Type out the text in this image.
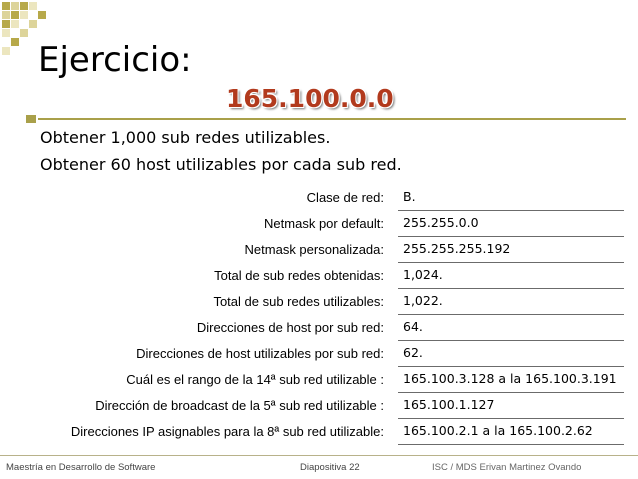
Ejercicio:
165.100.0.0
Obtener 1,000 sub redes utilizables.
Obtener 60 host utilizables por cada sub red.
Clase de red: B.
Netmask por default: 255.255.0.0
Netmask personalizada: 255.255.255.192
Total de sub redes obtenidas: 1,024.
Total de sub redes utilizables: 1,022.
Direcciones de host por sub red: 64.
Direcciones de host utilizables por sub red: 62.
Cuál es el rango de la 14ª sub red utilizable : 165.100.3.128 a la 165.100.3.191
Dirección de broadcast de la 5ª sub red utilizable : 165.100.1.127
Direcciones IP asignables para la 8ª sub red utilizable: 165.100.2.1 a la 165.100.2.62
Maestría en Desarrollo de Software	Diapositiva 22	ISC / MDS Erivan Martinez Ovando
